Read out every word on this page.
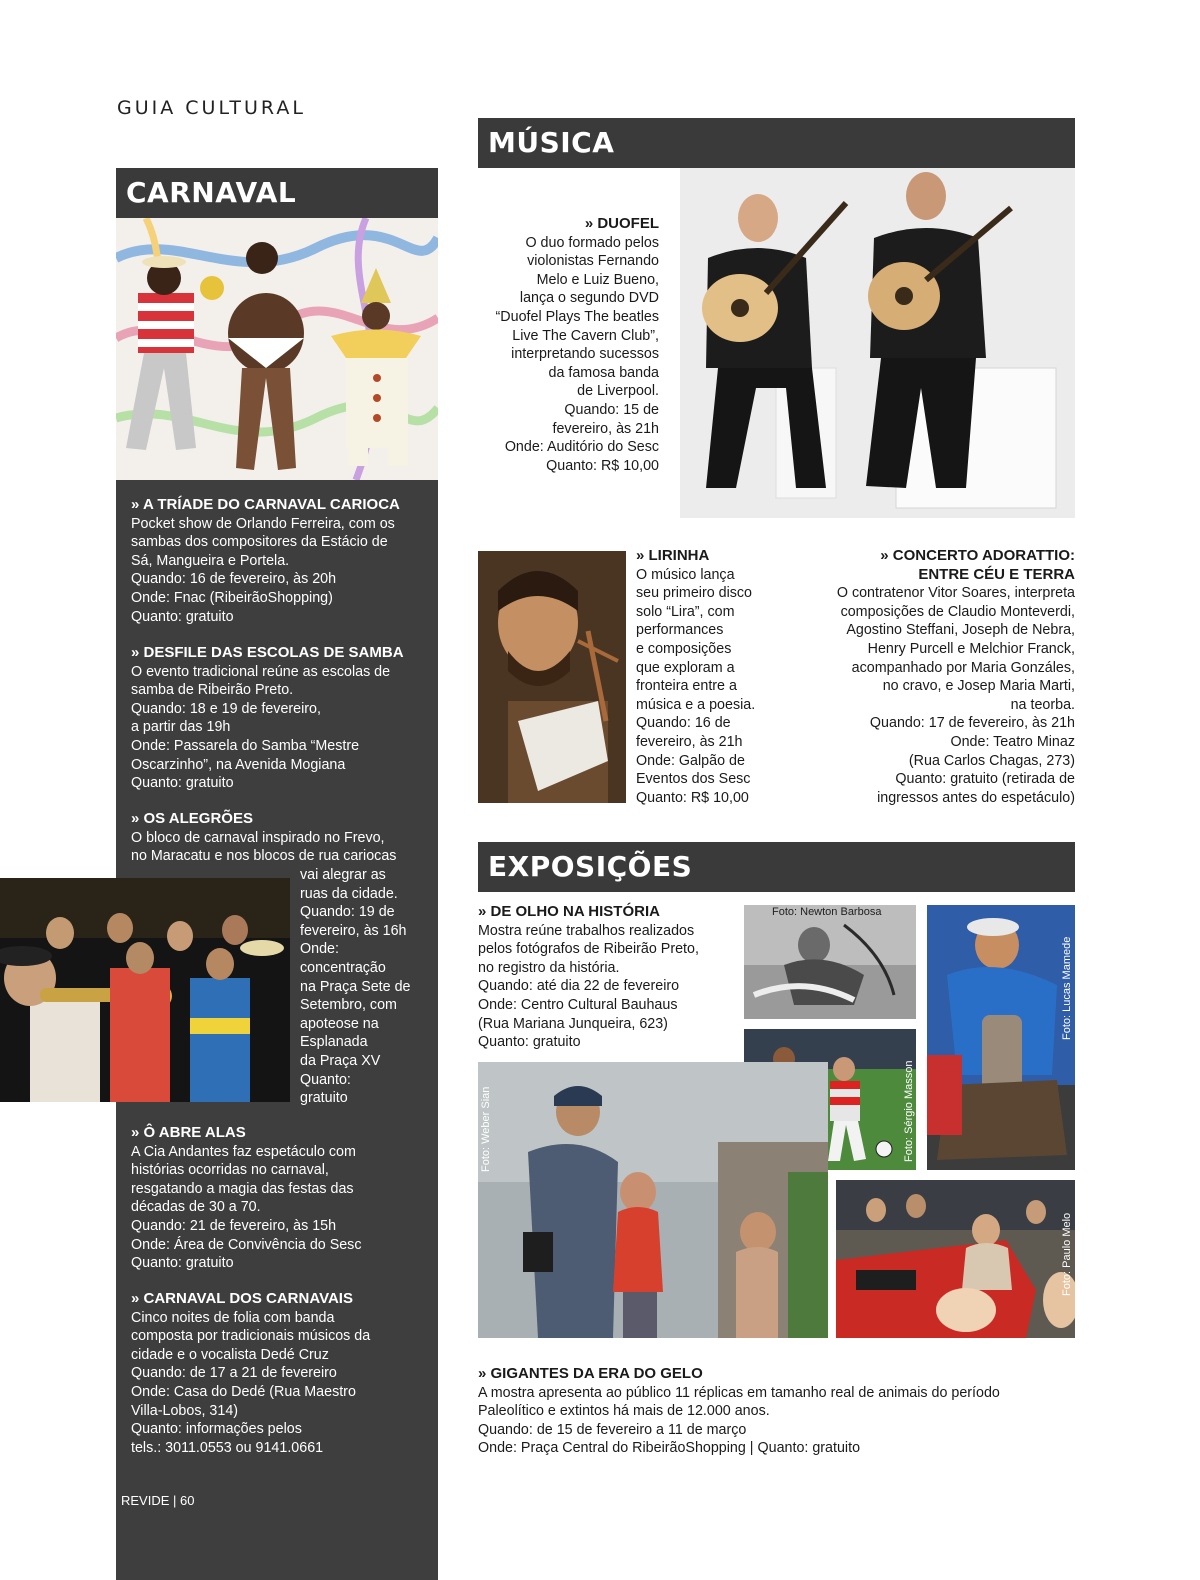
GUIA CULTURAL
CARNAVAL
» A TRÍADE DO CARNAVAL CARIOCA
Pocket show de Orlando Ferreira, com os
sambas dos compositores da Estácio de
Sá, Mangueira e Portela.
Quando: 16 de fevereiro, às 20h
Onde: Fnac (RibeirãoShopping)
Quanto: gratuito
» DESFILE DAS ESCOLAS DE SAMBA
O evento tradicional reúne as escolas de
samba de Ribeirão Preto.
Quando: 18 e 19 de fevereiro,
a partir das 19h
Onde: Passarela do Samba “Mestre
Oscarzinho”, na Avenida Mogiana
Quanto: gratuito
» OS ALEGRÕES
O bloco de carnaval inspirado no Frevo,
no Maracatu e nos blocos de rua cariocas
vai alegrar as
ruas da cidade.
Quando: 19 de
fevereiro, às 16h
Onde:
concentração
na Praça Sete de
Setembro, com
apoteose na
Esplanada
da Praça XV
Quanto:
gratuito
» Ô ABRE ALAS
A Cia Andantes faz espetáculo com
histórias ocorridas no carnaval,
resgatando a magia das festas das
décadas de 30 a 70.
Quando: 21 de fevereiro, às 15h
Onde: Área de Convivência do Sesc
Quanto: gratuito
» CARNAVAL DOS CARNAVAIS
Cinco noites de folia com banda
composta por tradicionais músicos da
cidade e o vocalista Dedé Cruz
Quando: de 17 a 21 de fevereiro
Onde: Casa do Dedé (Rua Maestro
Villa-Lobos, 314)
Quanto: informações pelos
tels.: 3011.0553 ou 9141.0661
REVIDE | 60
MÚSICA
» DUOFEL
O duo formado pelos
violonistas Fernando
Melo e Luiz Bueno,
lança o segundo DVD
“Duofel Plays The beatles
Live The Cavern Club”,
interpretando sucessos
da famosa banda
de Liverpool.
Quando: 15 de
fevereiro, às 21h
Onde: Auditório do Sesc
Quanto: R$ 10,00
» LIRINHA
O músico lança
seu primeiro disco
solo “Lira”, com
performances
e composições
que exploram a
fronteira entre a
música e a poesia.
Quando: 16 de
fevereiro, às 21h
Onde: Galpão de
Eventos dos Sesc
Quanto: R$ 10,00
» CONCERTO ADORATTIO:
ENTRE CÉU E TERRA
O contratenor Vitor Soares, interpreta
composições de Claudio Monteverdi,
Agostino Steffani, Joseph de Nebra,
Henry Purcell e Melchior Franck,
acompanhado por Maria Gonzáles,
no cravo, e Josep Maria Marti,
na teorba.
Quando: 17 de fevereiro, às 21h
Onde: Teatro Minaz
(Rua Carlos Chagas, 273)
Quanto: gratuito (retirada de
ingressos antes do espetáculo)
EXPOSIÇÕES
» DE OLHO NA HISTÓRIA
Mostra reúne trabalhos realizados
pelos fotógrafos de Ribeirão Preto,
no registro da história.
Quando: até dia 22 de fevereiro
Onde: Centro Cultural Bauhaus
(Rua Mariana Junqueira, 623)
Quanto: gratuito
Foto: Newton Barbosa
Foto: Lucas Mamede
Foto: Sérgio Masson
Foto: Weber Sian
Foto: Paulo Melo
» GIGANTES DA ERA DO GELO
A mostra apresenta ao público 11 réplicas em tamanho real de animais do período
Paleolítico e extintos há mais de 12.000 anos.
Quando: de 15 de fevereiro a 11 de março
Onde: Praça Central do RibeirãoShopping | Quanto: gratuito
